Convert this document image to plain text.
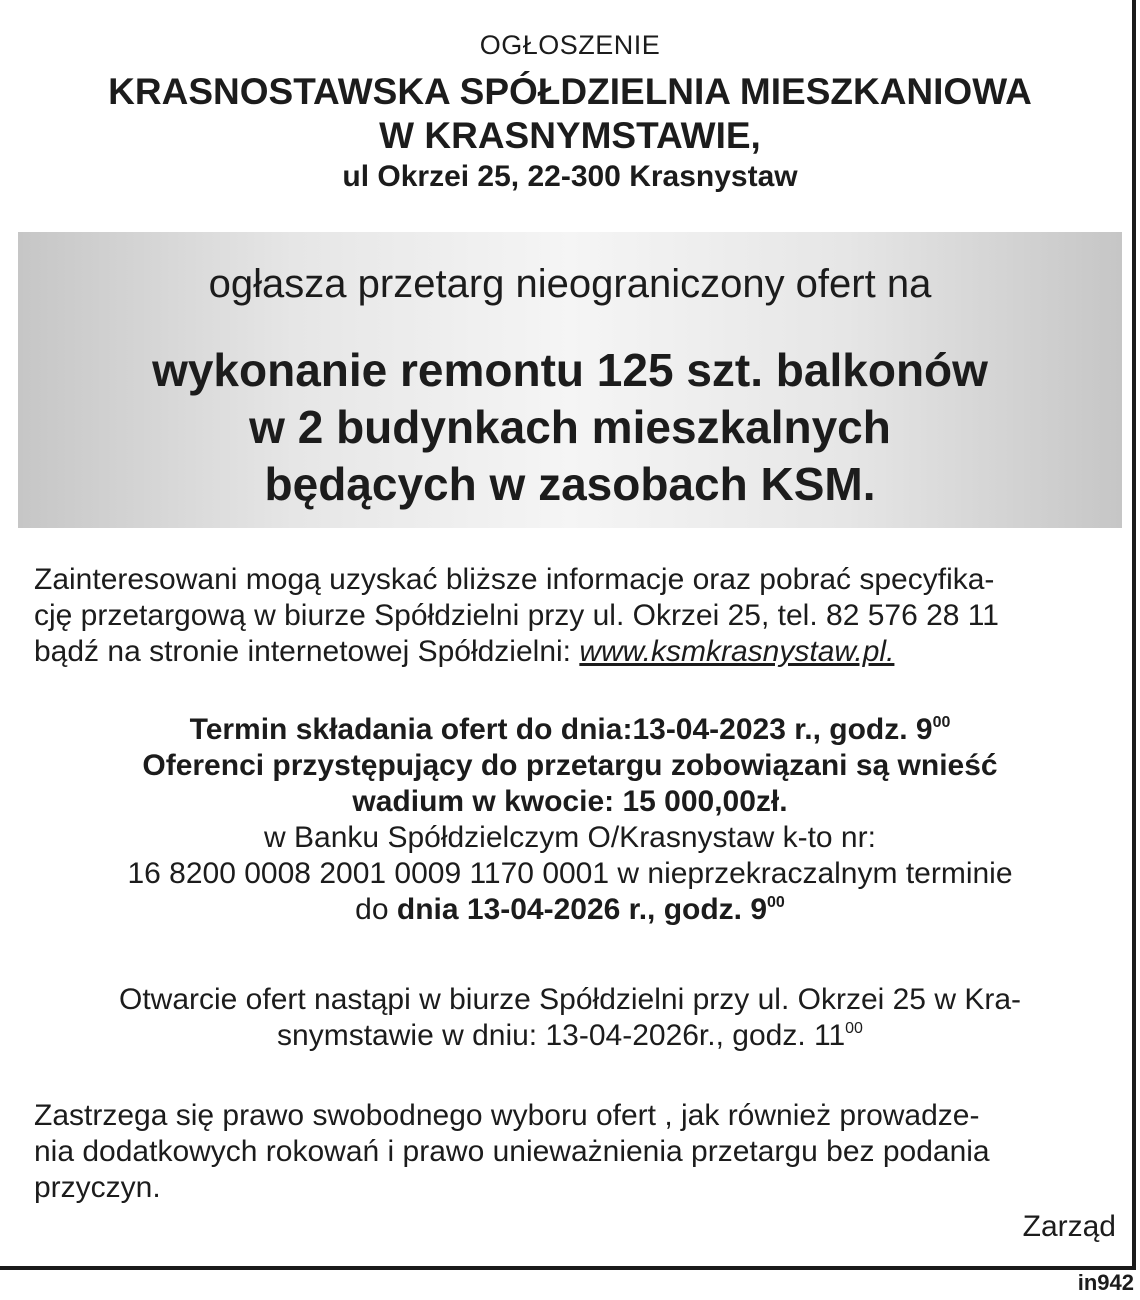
OGŁOSZENIE
KRASNOSTAWSKA SPÓŁDZIELNIA MIESZKANIOWA
W KRASNYMSTAWIE,
ul Okrzei 25, 22-300 Krasnystaw
ogłasza przetarg nieograniczony ofert na
wykonanie remontu 125 szt. balkonów
w 2 budynkach mieszkalnych
będących w zasobach KSM.
Zainteresowani mogą uzyskać bliższe informacje oraz pobrać specyfika-
cję przetargową w biurze Spółdzielni przy ul. Okrzei 25, tel. 82 576 28 11
bądź na stronie internetowej Spółdzielni: www.ksmkrasnystaw.pl.
Termin składania ofert do dnia:13-04-2023 r., godz. $9^{00}$
Oferenci przystępujący do przetargu zobowiązani są wnieść
wadium w kwocie: 15 000,00zł.
w Banku Spółdzielczym O/Krasnystaw k-to nr:
16 8200 0008 2001 0009 1170 0001 w nieprzekraczalnym terminie
do dnia 13-04-2026 r., godz. $9^{00}$
Otwarcie ofert nastąpi w biurze Spółdzielni przy ul. Okrzei 25 w Kra-
snymstawie w dniu: 13-04-2026r., godz. $11^{00}$
Zastrzega się prawo swobodnego wyboru ofert , jak również prowadze-
nia dodatkowych rokowań i prawo unieważnienia przetargu bez podania
przyczyn.
Zarząd
in942
